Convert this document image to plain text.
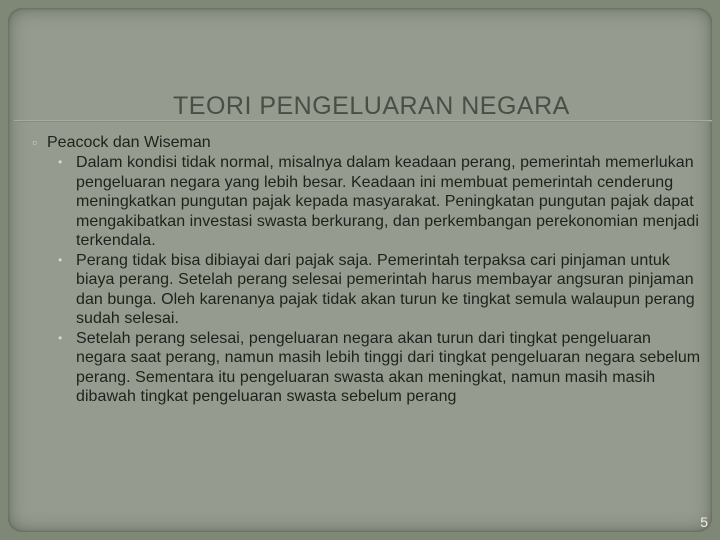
TEORI PENGELUARAN NEGARA
▫ Peacock dan Wiseman
• Dalam kondisi tidak normal, misalnya dalam keadaan perang, pemerintah memerlukan pengeluaran negara yang lebih besar. Keadaan ini membuat pemerintah cenderung meningkatkan pungutan pajak kepada masyarakat. Peningkatan pungutan pajak dapat mengakibatkan investasi swasta berkurang, dan perkembangan perekonomian menjadi terkendala.
• Perang tidak bisa dibiayai dari pajak saja. Pemerintah terpaksa cari pinjaman untuk biaya perang. Setelah perang selesai pemerintah harus membayar angsuran pinjaman dan bunga. Oleh karenanya pajak tidak akan turun ke tingkat semula walaupun perang sudah selesai.
• Setelah perang selesai, pengeluaran negara akan turun dari tingkat pengeluaran negara saat perang, namun masih lebih tinggi dari tingkat pengeluaran negara sebelum perang. Sementara itu pengeluaran swasta akan meningkat, namun masih masih dibawah tingkat pengeluaran swasta sebelum perang
5
